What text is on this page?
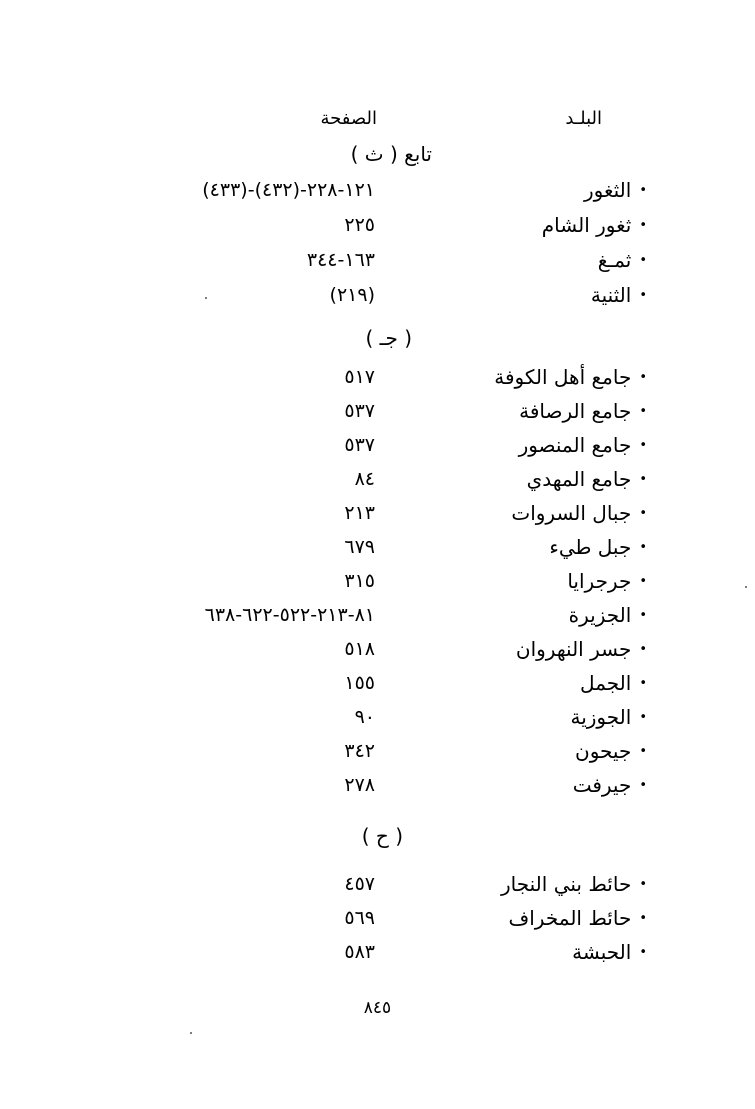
البلـد
الصفحة
تابع ( ث )
•الثغور
١٢١-٢٢٨-(٤٣٢)-(٤٣٣)
•ثغور الشام
٢٢٥
•ثمـغ
١٦٣-٣٤٤
•الثنية
(٢١٩)
( جـ )
•جامع أهل الكوفة
٥١٧
•جامع الرصافة
٥٣٧
•جامع المنصور
٥٣٧
•جامع المهدي
٨٤
•جبال السروات
٢١٣
•جبل طيء
٦٧٩
•جرجرايا
٣١٥
•الجزيرة
٨١-٢١٣-٥٢٢-٦٢٢-٦٣٨
•جسر النهروان
٥١٨
•الجمل
١٥٥
•الجوزية
٩٠
•جيحون
٣٤٢
•جيرفت
٢٧٨
( ح )
•حائط بني النجار
٤٥٧
•حائط المخراف
٥٦٩
•الحبشة
٥٨٣
٨٤٥
